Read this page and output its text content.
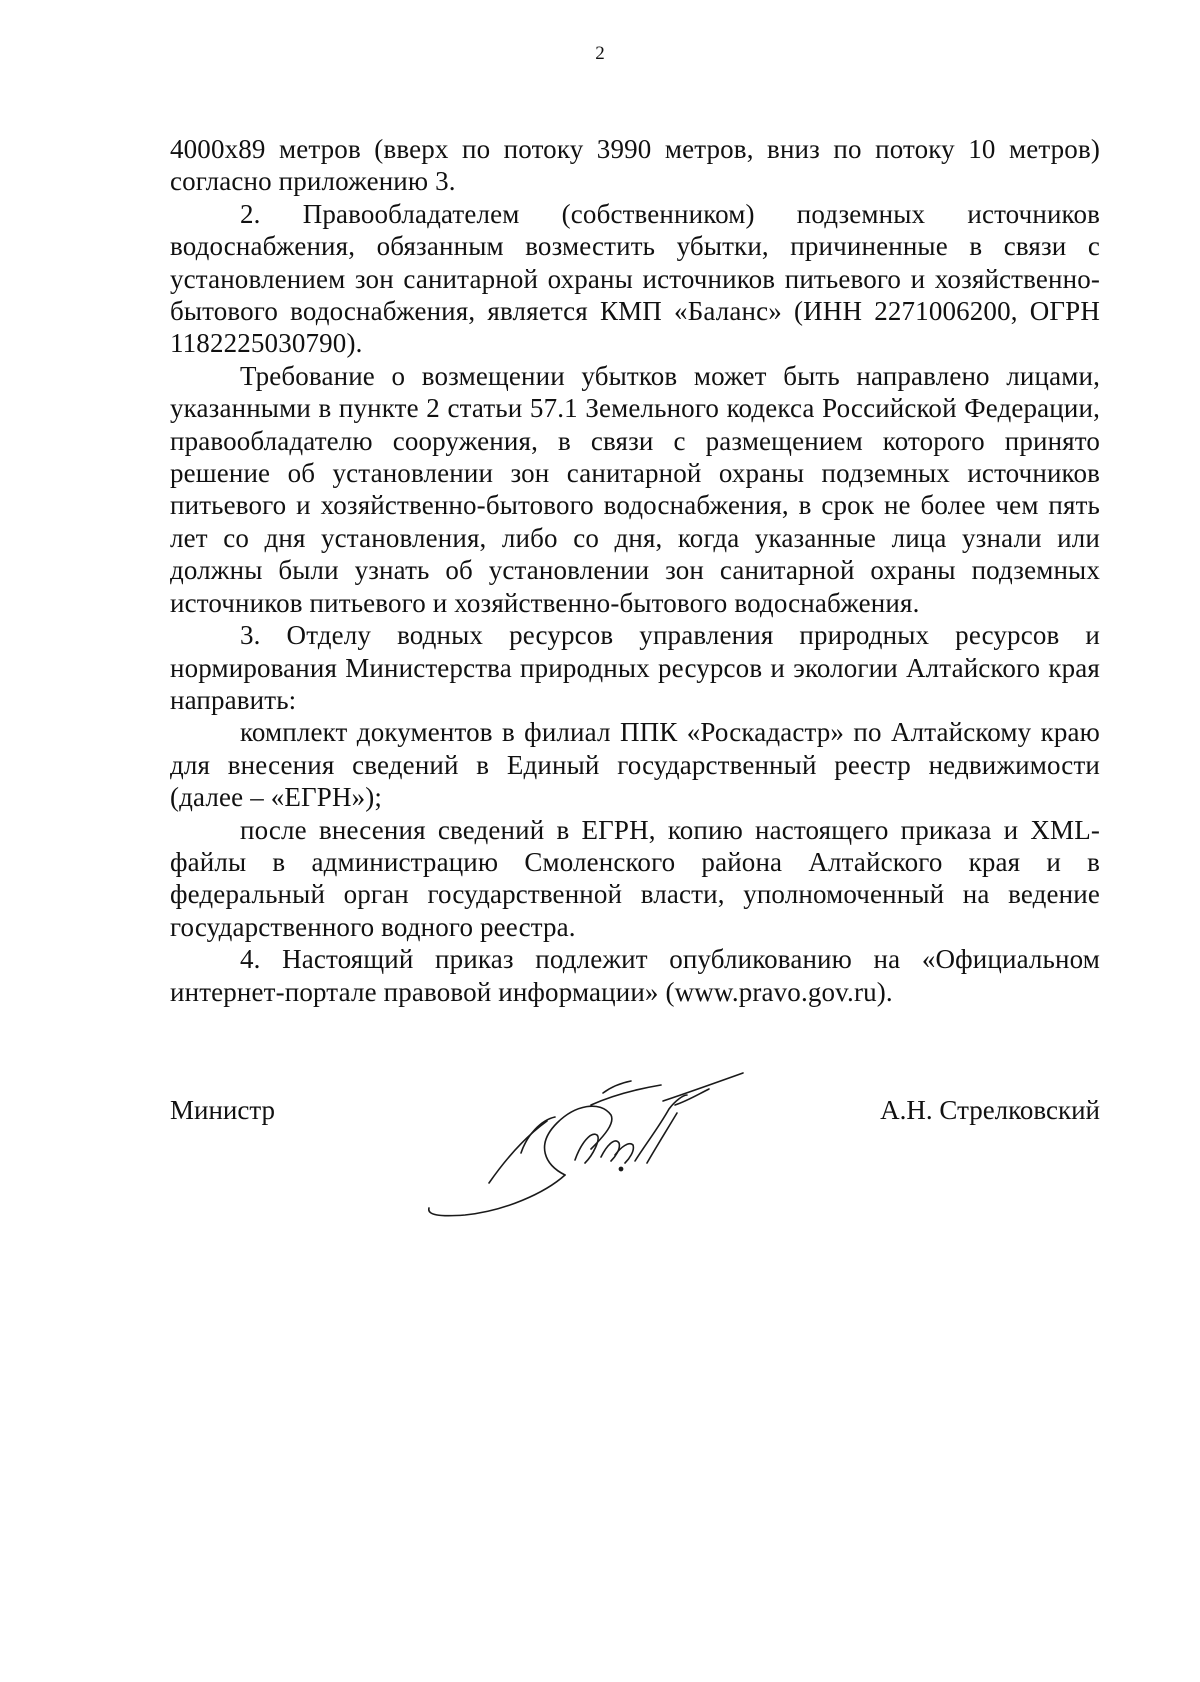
2

4000x89 метров (вверх по потоку 3990 метров, вниз по потоку 10 метров) согласно приложению 3.

2. Правообладателем (собственником) подземных источников водоснабжения, обязанным возместить убытки, причиненные в связи с установлением зон санитарной охраны источников питьевого и хозяйственно-бытового водоснабжения, является КМП «Баланс» (ИНН 2271006200, ОГРН 1182225030790).

Требование о возмещении убытков может быть направлено лицами, указанными в пункте 2 статьи 57.1 Земельного кодекса Российской Федерации, правообладателю сооружения, в связи с размещением которого принято решение об установлении зон санитарной охраны подземных источников питьевого и хозяйственно-бытового водоснабжения, в срок не более чем пять лет со дня установления, либо со дня, когда указанные лица узнали или должны были узнать об установлении зон санитарной охраны подземных источников питьевого и хозяйственно-бытового водоснабжения.

3. Отделу водных ресурсов управления природных ресурсов и нормирования Министерства природных ресурсов и экологии Алтайского края направить:

комплект документов в филиал ППК «Роскадастр» по Алтайскому краю для внесения сведений в Единый государственный реестр недвижимости (далее – «ЕГРН»);

после внесения сведений в ЕГРН, копию настоящего приказа и XML-файлы в администрацию Смоленского района Алтайского края и в федеральный орган государственной власти, уполномоченный на ведение государственного водного реестра.

4. Настоящий приказ подлежит опубликованию на «Официальном интернет-портале правовой информации» (www.pravo.gov.ru).

Министр	А.Н. Стрелковский
